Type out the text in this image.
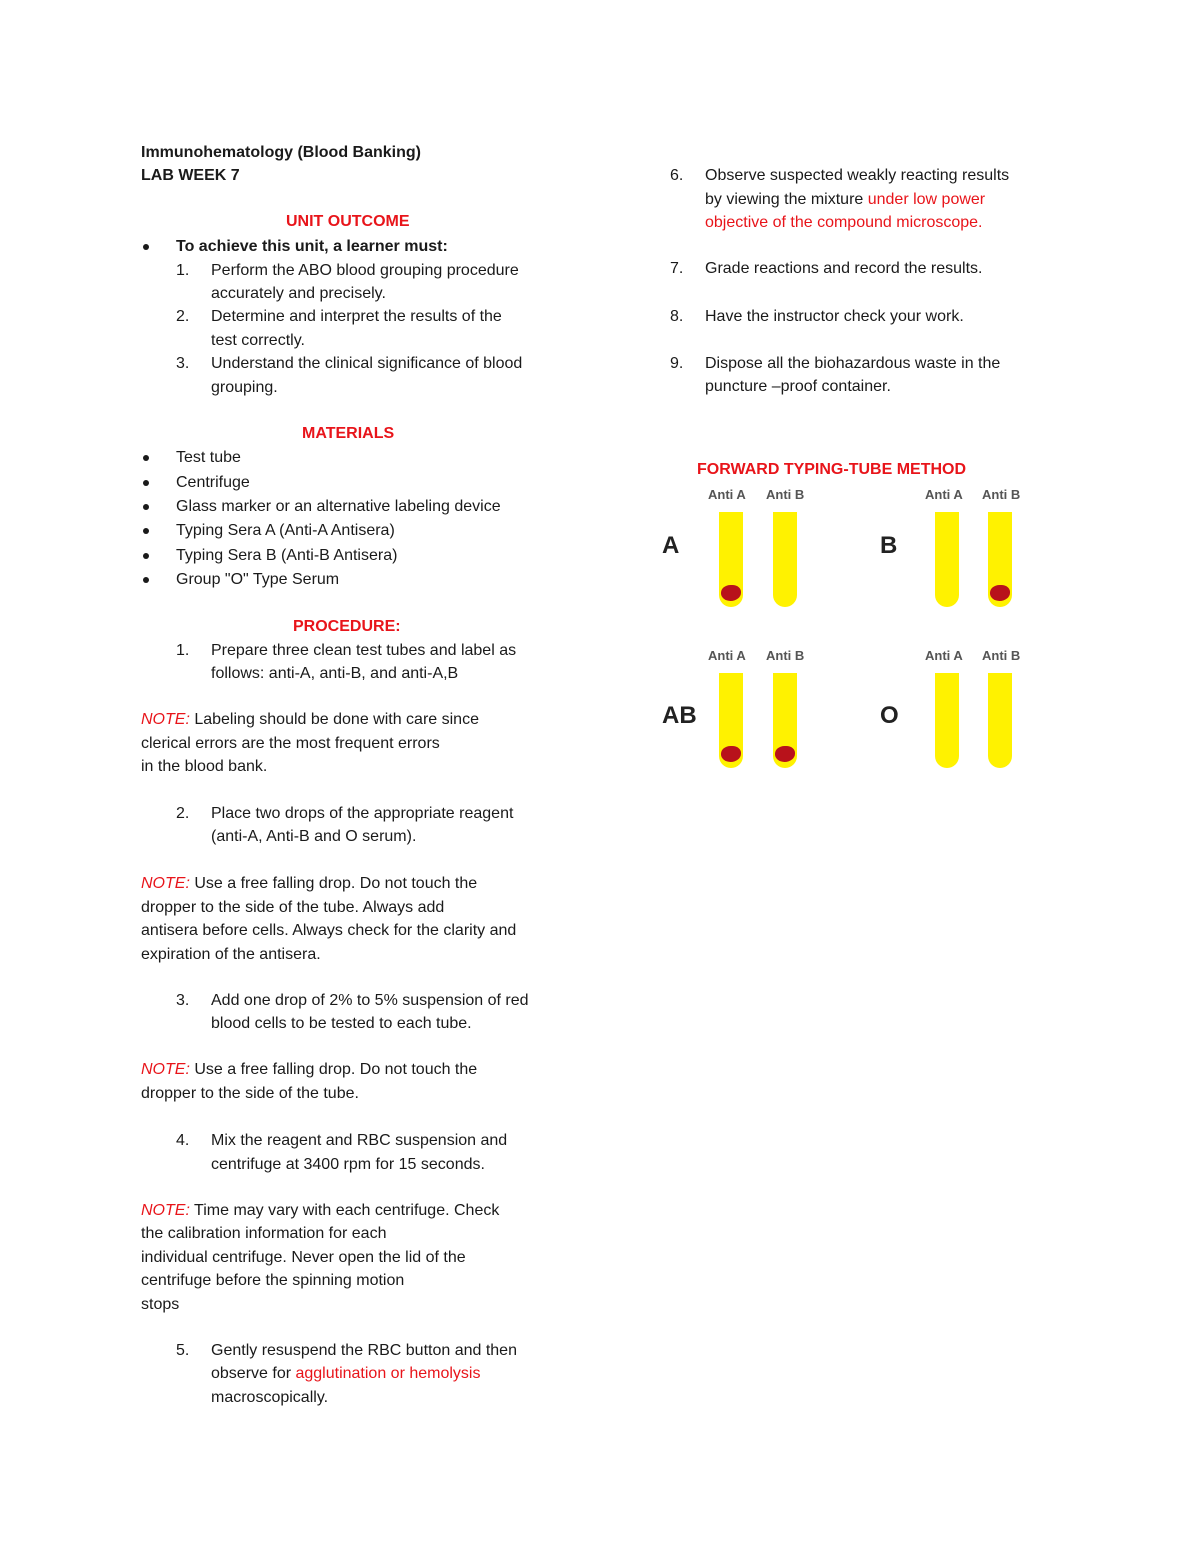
Immunohematology (Blood Banking)
LAB WEEK 7
UNIT OUTCOME
To achieve this unit, a learner must:
1. Perform the ABO blood grouping procedure
accurately and precisely.
2. Determine and interpret the results of the
test correctly.
3. Understand the clinical significance of blood
grouping.
MATERIALS
Test tube
Centrifuge
Glass marker or an alternative labeling device
Typing Sera A (Anti-A Antisera)
Typing Sera B (Anti-B Antisera)
Group "O" Type Serum
PROCEDURE:
1. Prepare three clean test tubes and label as
follows: anti-A, anti-B, and anti-A,B
NOTE: Labeling should be done with care since
clerical errors are the most frequent errors
in the blood bank.
2. Place two drops of the appropriate reagent
(anti-A, Anti-B and O serum).
NOTE: Use a free falling drop. Do not touch the
dropper to the side of the tube. Always add
antisera before cells. Always check for the clarity and
expiration of the antisera.
3. Add one drop of 2% to 5% suspension of red
blood cells to be tested to each tube.
NOTE: Use a free falling drop. Do not touch the
dropper to the side of the tube.
4. Mix the reagent and RBC suspension and
centrifuge at 3400 rpm for 15 seconds.
NOTE: Time may vary with each centrifuge. Check
the calibration information for each
individual centrifuge. Never open the lid of the
centrifuge before the spinning motion
stops
5. Gently resuspend the RBC button and then
observe for agglutination or hemolysis
macroscopically.
6. Observe suspected weakly reacting results
by viewing the mixture under low power
objective of the compound microscope.
7. Grade reactions and record the results.
8. Have the instructor check your work.
9. Dispose all the biohazardous waste in the
puncture –proof container.
FORWARD TYPING-TUBE METHOD
Anti A Anti B
A
Anti A Anti B
B
Anti A Anti B
AB
Anti A Anti B
O
